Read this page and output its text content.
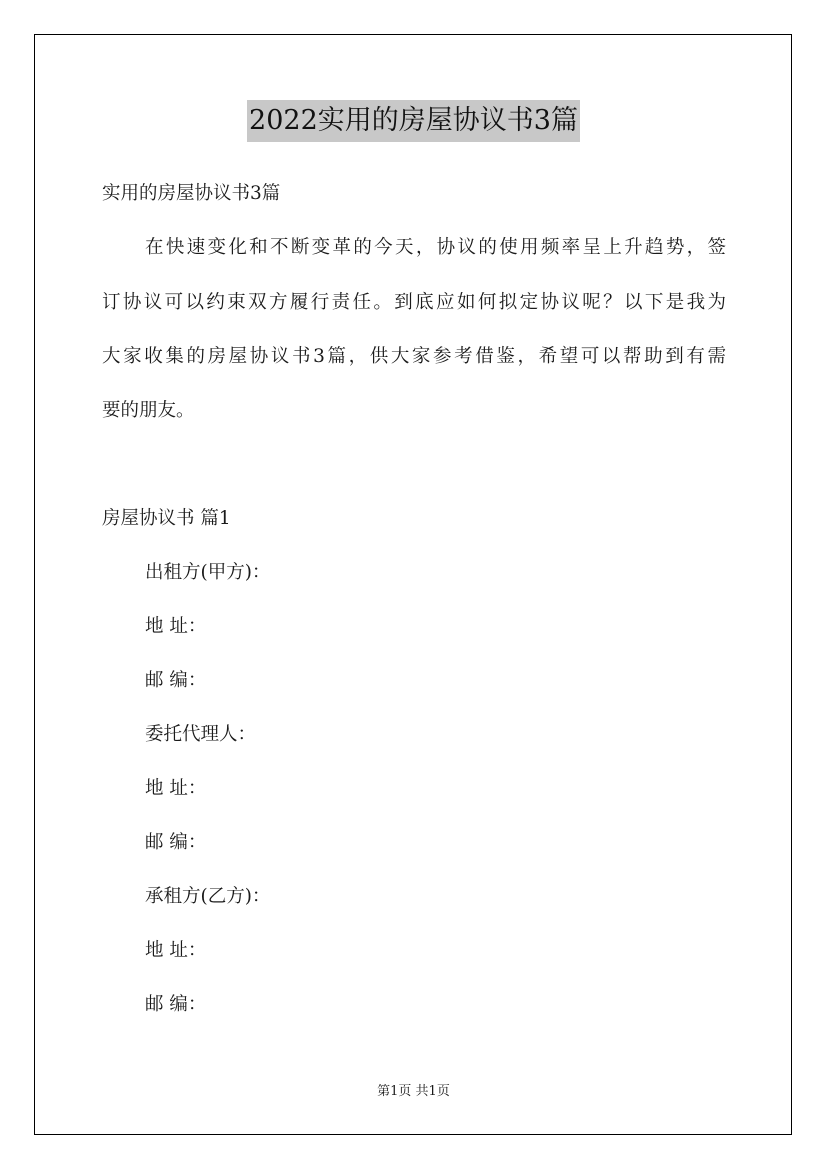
2022实用的房屋协议书3篇
实用的房屋协议书3篇
在快速变化和不断变革的今天，协议的使用频率呈上升趋势，签
订协议可以约束双方履行责任。到底应如何拟定协议呢？以下是我为
大家收集的房屋协议书3篇，供大家参考借鉴，希望可以帮助到有需
要的朋友。
房屋协议书 篇1
出租方(甲方)：
地 址：
邮 编：
委托代理人：
地 址：
邮 编：
承租方(乙方)：
地 址：
邮 编：
第1页 共1页
